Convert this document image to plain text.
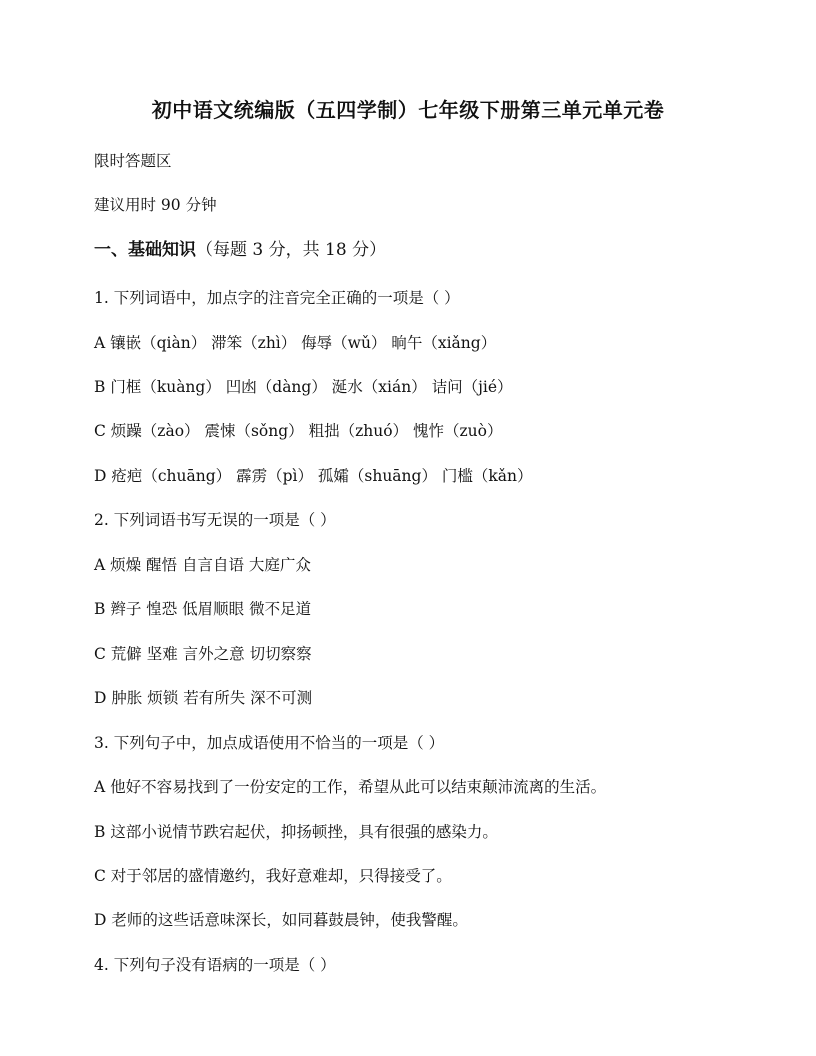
初中语文统编版（五四学制）七年级下册第三单元单元卷
限时答题区
建议用时 90 分钟
一、基础知识（每题 3 分，共 18 分）
1. 下列词语中，加点字的注音完全正确的一项是（ ）
A 镶嵌（qiàn） 滞笨（zhì） 侮辱（wǔ） 晌午（xiǎng）
B 门框（kuàng） 凹凼（dàng） 涎水（xián） 诘问（jié）
C 烦躁（zào） 震悚（sǒng） 粗拙（zhuó） 愧怍（zuò）
D 疮疤（chuāng） 霹雳（pì） 孤孀（shuāng） 门槛（kǎn）
2. 下列词语书写无误的一项是（ ）
A 烦燥 醒悟 自言自语 大庭广众
B 辫子 惶恐 低眉顺眼 微不足道
C 荒僻 坚难 言外之意 切切察察
D 肿胀 烦锁 若有所失 深不可测
3. 下列句子中，加点成语使用不恰当的一项是（ ）
A 他好不容易找到了一份安定的工作，希望从此可以结束颠沛流离的生活。
B 这部小说情节跌宕起伏，抑扬顿挫，具有很强的感染力。
C 对于邻居的盛情邀约，我好意难却，只得接受了。
D 老师的这些话意味深长，如同暮鼓晨钟，使我警醒。
4. 下列句子没有语病的一项是（ ）
